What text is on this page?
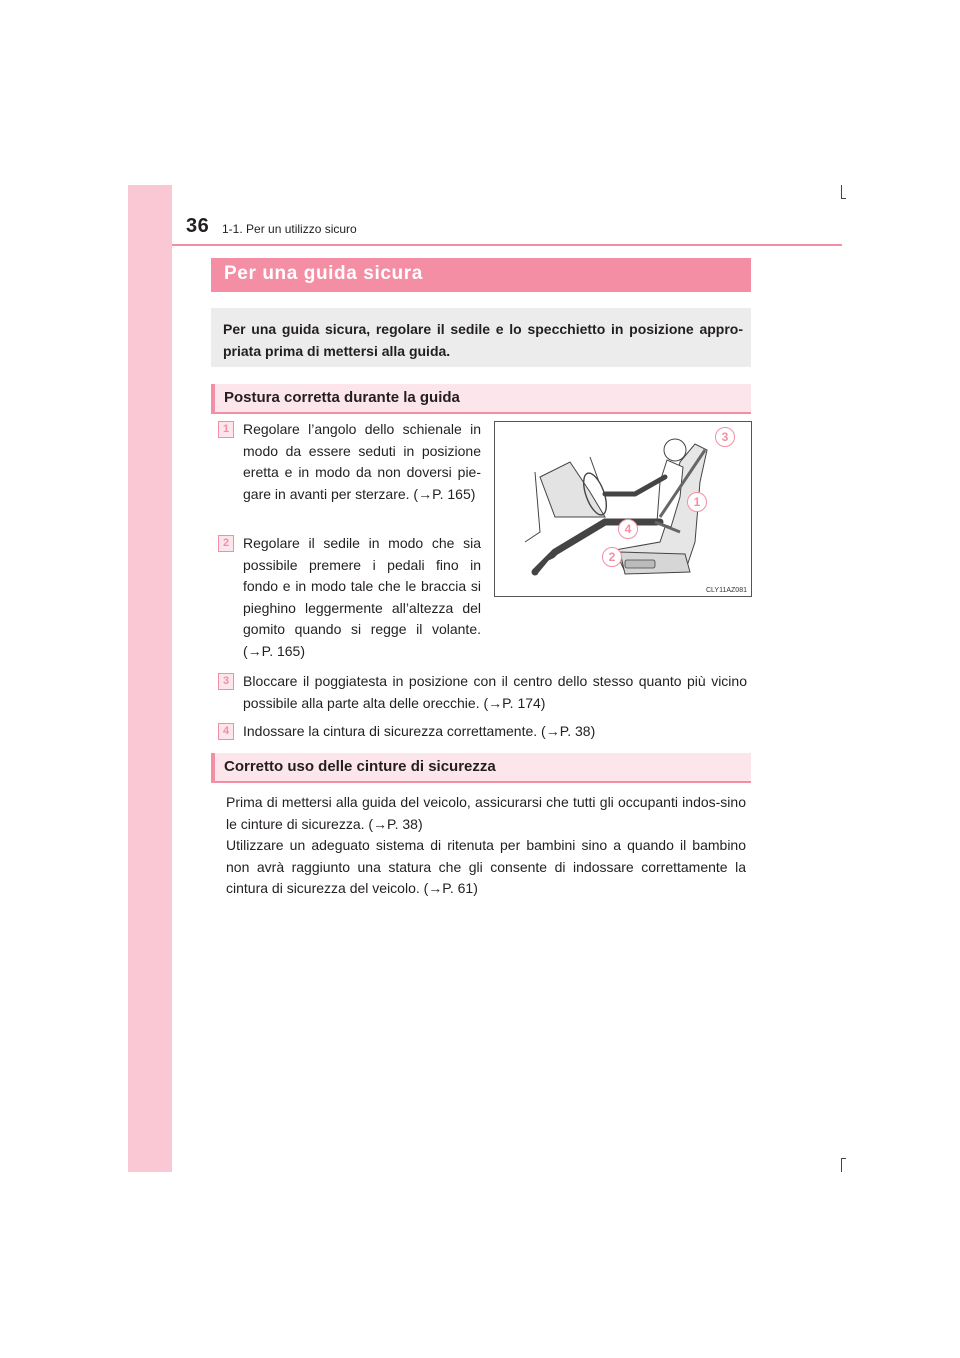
36 1-1. Per un utilizzo sicuro
Per una guida sicura

Per una guida sicura, regolare il sedile e lo specchietto in posizione appro-priata prima di mettersi alla guida.

Postura corretta durante la guida
1 Regolare l’angolo dello schienale in modo da essere seduti in posizione eretta e in modo da non doversi pie-gare in avanti per sterzare. (→P. 165)

2 Regolare il sedile in modo che sia possibile premere i pedali fino in fondo e in modo tale che le braccia si pieghino leggermente all’altezza del gomito quando si regge il volante. (→P. 165)

3
1
4
2
CLY11AZ081
3 Bloccare il poggiatesta in posizione con il centro dello stesso quanto più vicino possibile alla parte alta delle orecchie. (→P. 174)

4 Indossare la cintura di sicurezza correttamente. (→P. 38)

Corretto uso delle cinture di sicurezza

Prima di mettersi alla guida del veicolo, assicurarsi che tutti gli occupanti indos-sino le cinture di sicurezza. (→P. 38)

Utilizzare un adeguato sistema di ritenuta per bambini sino a quando il bambino non avrà raggiunto una statura che gli consente di indossare correttamente la cintura di sicurezza del veicolo. (→P. 61)
